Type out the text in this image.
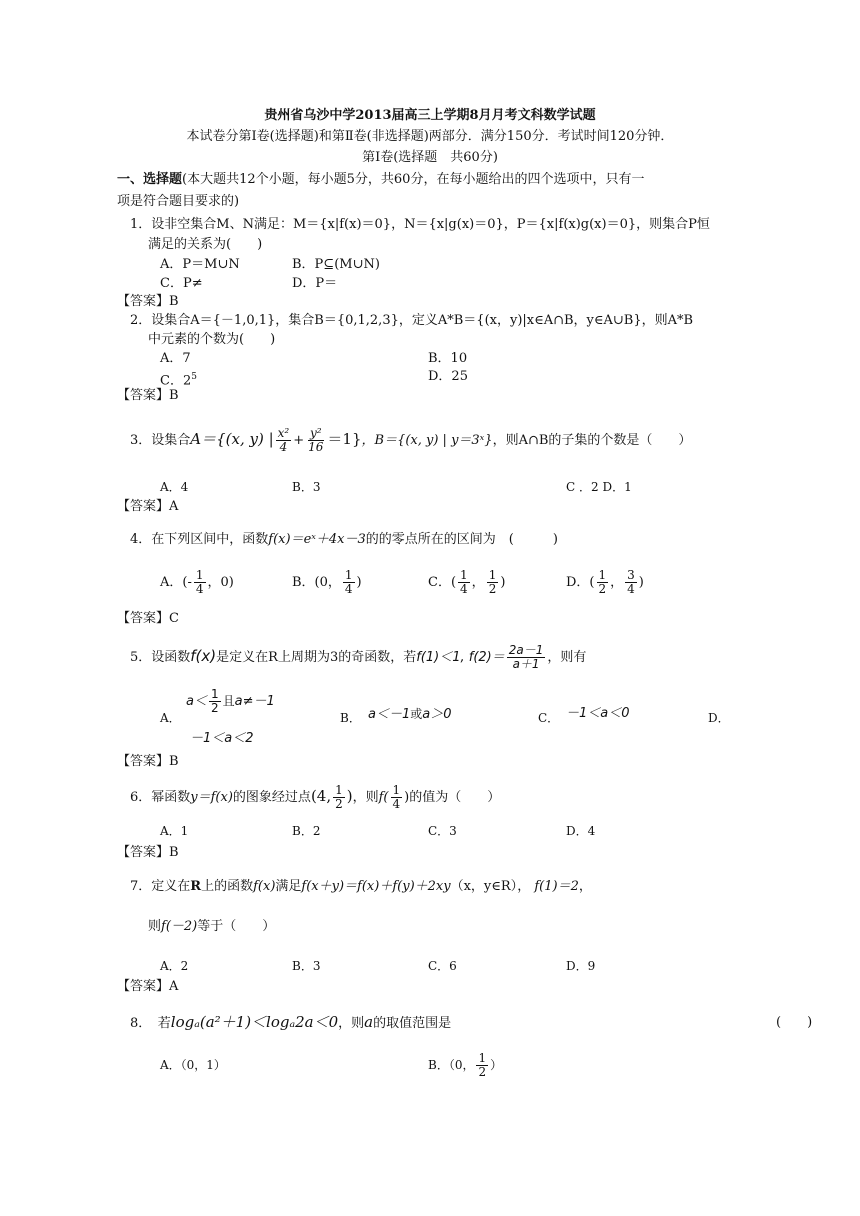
贵州省乌沙中学2013届高三上学期8月月考文科数学试题
本试卷分第Ⅰ卷(选择题)和第Ⅱ卷(非选择题)两部分．满分150分．考试时间120分钟．
第Ⅰ卷(选择题　共60分)
一、选择题(本大题共12个小题，每小题5分，共60分，在每小题给出的四个选项中，只有一
项是符合题目要求的)
1．设非空集合M、N满足：M＝{x|f(x)＝0}，N＝{x|g(x)＝0}，P＝{x|f(x)g(x)＝0}，则集合P恒
满足的关系为(　　)
A．P＝M∪N	B．P⊆(M∪N)
C．P≠	D．P＝
【答案】B
2．设集合A＝{－1,0,1}，集合B＝{0,1,2,3}，定义A*B＝{(x，y)|x∈A∩B，y∈A∪B}，则A*B
中元素的个数为(　　)
A．7	B．10
C．$2^5$	D．25
【答案】B
3．设集合A＝{(x, y) | $\frac{\text{x²}}{4} + \frac{\text{y²}}{16} =1$}，B＝{(x, y) | y＝3ˣ}，则A∩B的子集的个数是（　　）
A．4	B．3	C ．2 D．1
【答案】A
4．在下列区间中，函数f(x)＝eˣ＋4x－3的的零点所在的区间为　(　　　)
A．(- $\frac{1}{4}$ ，0)	B．(0， $\frac{1}{4}$ )	C．( $\frac{1}{4}$ ， $\frac{1}{2}$ )	D．( $\frac{1}{2}$ ， $\frac{3}{4}$ )
【答案】C
5．设函数f(x)是定义在R上周期为3的奇函数，若f(1)＜1, $f(2)= \frac{2a-1}{a+1}$ ，则有
A．
$a< \frac{1}{2}$ 且a≠－1
B． a＜－1或a＞0	C． －1＜a＜0	D．
－1＜a＜2
【答案】B
6．幂函数y＝f(x)的图象经过点(4, $\frac{1}{2}$ )，则$f( \frac{1}{4}$ )的值为（　　）
A．1	B．2	C．3	D．4
【答案】B
7．定义在R上的函数f(x)满足f(x＋y)＝f(x)＋f(y)＋2xy（x，y∈R）， f(1)＝2，
则f(－2)等于（　　）
A．2	B．3	C．6	D．9
【答案】A
8．　若logₐ(a²＋1)＜logₐ2a＜0，则a的取值范围是	(　　)
A．（0，1）	B．（0， $\frac{1}{2}$ ）
